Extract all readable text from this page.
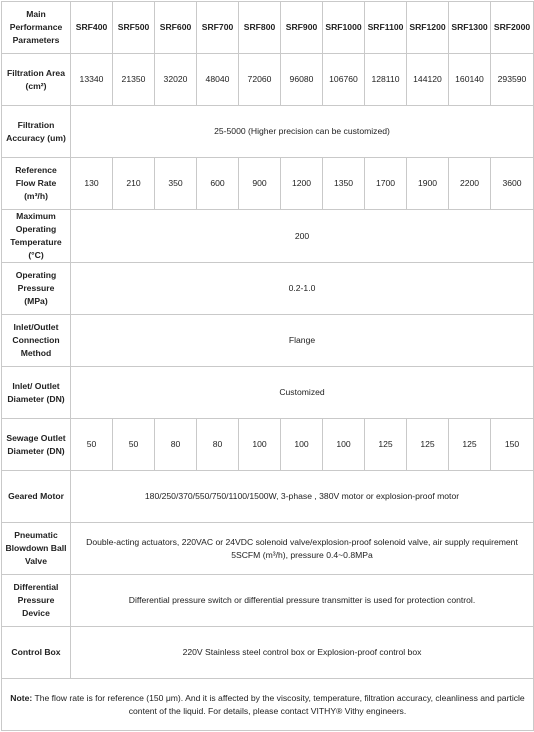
Main Performance Parameters	SRF400	SRF500	SRF600	SRF700	SRF800	SRF900	SRF1000	SRF1100	SRF1200	SRF1300	SRF2000
Filtration Area (cm²)	13340	21350	32020	48040	72060	96080	106760	128110	144120	160140	293590
Filtration Accuracy (um)	25-5000 (Higher precision can be customized)										
Reference Flow Rate (m³/h)	130	210	350	600	900	1200	1350	1700	1900	2200	3600
Maximum Operating Temperature (°C)	200										
Operating Pressure (MPa)	0.2-1.0										
Inlet/Outlet Connection Method	Flange										
Inlet/ Outlet Diameter (DN)	Customized										
Sewage Outlet Diameter (DN)	50	50	80	80	100	100	100	125	125	125	150
Geared Motor	180/250/370/550/750/1100/1500W, 3-phase , 380V motor or explosion-proof motor										
Pneumatic Blowdown Ball Valve	Double-acting actuators, 220VAC or 24VDC solenoid valve/explosion-proof solenoid valve, air supply requirement 5SCFM (m³/h), pressure 0.4~0.8MPa										
Differential Pressure Device	Differential pressure switch or differential pressure transmitter is used for protection control.										
Control Box	220V Stainless steel control box or Explosion-proof control box										
Note: The flow rate is for reference (150 μm). And it is affected by the viscosity, temperature, filtration accuracy, cleanliness and particle content of the liquid. For details, please contact VITHY® Vithy engineers.											
